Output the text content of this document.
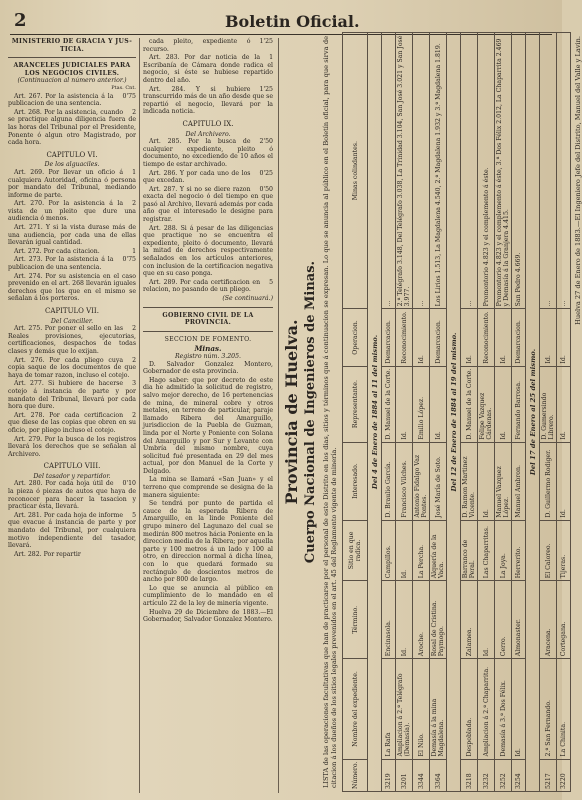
2	Boletin Oficial.
MINISTERIO DE GRACIA Y JUS-TICIA.
ARANCELES JUDICIALES PARA LOS NEGOCIOS CIVILES.
(Continuacion al número anterior.)
Ptas. Cnt.

0'75
Art. 267. Por la asistencia á la publicacion de una sentencia.

2
Art. 268. Por la asistencia, cuando se practique alguna diligencia fuera de las horas del Tribunal por el Presidente, Ponente ó algun otro Magistrado, por cada hora.

CAPITULO VI.
De los alguaciles.

1
Art. 269. Por llevar un oficio á cualquiera Autoridad, oficina ó persona por mandato del Tribunal, mediando informe de parte.

2
Art. 270. Por la asistencia á la vista de un pleito que dure una audiencia ó menos.

Art. 271. Y si la vista durase más de una audiencia, por cada una de ellas llevarán igual cantidad.

1
Art. 272. Por cada citacion.

0'75
Art. 273. Por la asistencia á la publicacion de una sentencia.

Art. 274. Por su asistencia en el caso prevenido en el art. 268 llevarán iguales derechos que los que en el mismo se señalan á los porteros.

CAPITULO VII.
Del Canciller.

2
Art. 275. Por poner el sello en las Reales provisiones, ejecutorias, certificaciones, despachos de todas clases y demás que lo exijan.

2
Art. 276. Por cada pliego cuya copia saque de los documentos de que haya de tomar razon, incluso el cotejo.

3
Art. 277. Si hubiere de hacerse cotejo á instancia de parte y por mandato del Tribunal, llevará por cada hora que dure.

2
Art. 278. Por cada certificacion que diese de las copias que obren en su oficio, por pliego incluso el cotejo.

Art. 279. Por la busca de los registros llevará los derechos que se señalan al Archivero.

CAPITULO VIII.
Del tasador y repartidor.

0'10
Art. 280. Por cada hoja útil de la pieza ó piezas de autos que haya de reconocer para hacer la tasacion y practicar ésta, llevará.

5
Art. 281. Por cada hoja de informe que evacue á instancia de parte y por mandato del Tribunal, por cualquiera motivo independiente del tasador, llevará.

Art. 282. Por repartir

1'25
cada pleito, expediente ó recurso.

1
Art. 283. Por dar noticia de la Escribanía de Cámara donde radica el negocio, si éste se hubiese repartido dentro del año.

1'25
Art. 284. Y si hubiere transcurrido más de un año desde que se repartió el negocio, llevará por la indicada noticia.

CAPITULO IX.
Del Archivero.

2'50
Art. 285. Por la busca de cualquier expediente, pleito ó documento, no excediendo de 10 años el tiempo de estar archivado.

0'25
Art. 286. Y por cada uno de los que excedan.

0'50
Art. 287. Y si no se diere razon exacta del negocio ó del tiempo en que pasó al Archivo, llevará además por cada año que el interesado le designe para registrar.

Art. 288. Si á pesar de las diligencias que practique no se encuentra el expediente, pleito ó documento, llevará la mitad de derechos respectivamente señalados en los artículos anteriores, con inclusion de la certificacion negativa que en su caso ponga.

5
Art. 289. Por cada certificacion en relacion, no pasando de un pliego.

(Se continuará.)
GOBIERNO CIVIL DE LA PROVINCIA.
SECCION DE FOMENTO.
Minas.
Registro núm. 3.205.

D. Salvador Gonzalez Montero, Gobernador de esta provincia.

Hago saber: que por decreto de este dia he admitido la solicitud de registro, salvo mejor derecho, de 16 pertenencias de mina, de mineral cobre y otros metales, en terreno de particular, paraje llamado Ribera del Amarguillo, jurisdiccion de la Puebla de Guzman, linda por el Norte y Poniente con Solana del Amarguillo y por Sur y Levante con Umbría del mismo nombre, cuya solicitud fué presentada en 29 del mes actual, por don Manuel de la Corte y Delgado.

La mina se llamará «San Juan» y el terreno que comprende se designa de la manera siguiente:

Se tendrá por punto de partida el cauce de la esperada Ribera de Amarguillo, en la linde Poniente del grupo minero del Lagunazo del cual se medirán 800 metros hácia Poniente en la direccion media de la Ribera; por aquella parte y 100 metros á un lado y 100 al otro, en direccion normal á dicha línea, con lo que quedará formado su rectángulo de doscientos metros de ancho por 800 de largo.

Lo que se anuncia al público en cumplimiento de lo mandado en el artículo 22 de la ley de minería vigente.

Huelva 29 de Diciembre de 1883.—El Gobernador, Salvador Gonzalez Montero.

Provincia de Huelva. Cuerpo Nacional de Ingenieros de Minas. LISTA de las operaciones facultativas que han de practicarse por el personal de este Distrito en los dias, sitios y términos que á continuacion se expresan. Lo que se anuncia al público en el Boletín oficial, para que sirva de citacion á los dueños de los sitios legales prevenidos en el art. 45 del Reglamento vigente de minería. Número.	Nombre del expediente.	Término.	Sitio en que radica.	Interesado.	Representante.	Operacion.	Minas colindantes.
Del 4 de Enero de 1884 al 11 del mismo.							
3219	La Rafa	Encinasola.	Campillos.	D. Braulio García.	D. Manuel de la Corte.	Demarcacion.	...
3201	Ampliacion á 2.ª Telégrafo (Demasía).	Id.	Id.	Francisco Vilches.	Id.	Reconocimiento.	2.ª Telégrafo 3.148, Del Telégrafo 3.038, La Trinidad 3.104, San José 3.021 y San José 3.977.
3344	El Nilo.	Aroche.	La Percha.	Antonio Fidalgo Vaz Pontes.	Emilio López.	Id.	...
3364	Demasía á la mina Magdalena.	Rosal de Cristina. Paymogo.	Alquería de la Vaca.	José María de Soto.	Id.	Demarcacion.	Los Lirios 1.513, La Magdalena 4.540, 2.ª Magdalena 1.932 y 3.ª Magdalena 1.819.
Del 12 de Enero de 1884 al 19 del mismo.							
3218	Despoblada.	Zalamea.	Barranco de Peral.	D. Ramon Martinez Vicente.	D. Manuel de la Corte.	Id.	...
3232	Ampliacion á 2.ª Chaparrita.	Id.	Las Chaparritas.	Id.	Felipe Vazquez Cárdenas.	Reconocimiento.	Promontorio 4.823 y el complemento á éste.
3252	Demasía á 3.ª Dos Félix.	Cerro.	La Joya.	Manuel Vazquez López.	Id.	Id.	Promontorio 4.823 y el complemento á éste, 3.ª Dos Félix 2.012, La Chaparrita 2.469 y Demasía á la Granjera 4.415.
3254	Id.	Almonaster.	Herrerito.	Manuel Ambron.	Fernando Barrosa.	Demarcacion.	San Pedro 4.669.
Del 17 de Enero al 25 del mismo.							
5217	2.ª San Fernando.	Aracena.	El Caloreo.	D. Guillermo Rodiger.	D. Gumersindo Librero.	Id.	...
3220	La Chinita.	Cortegana.	Tijeras.	Id.	Id.	Id.	... Huelva 27 de Enero de 1883.—El Ingeniero Jefe del Distrito, Manuel del Valle y Lavin.
